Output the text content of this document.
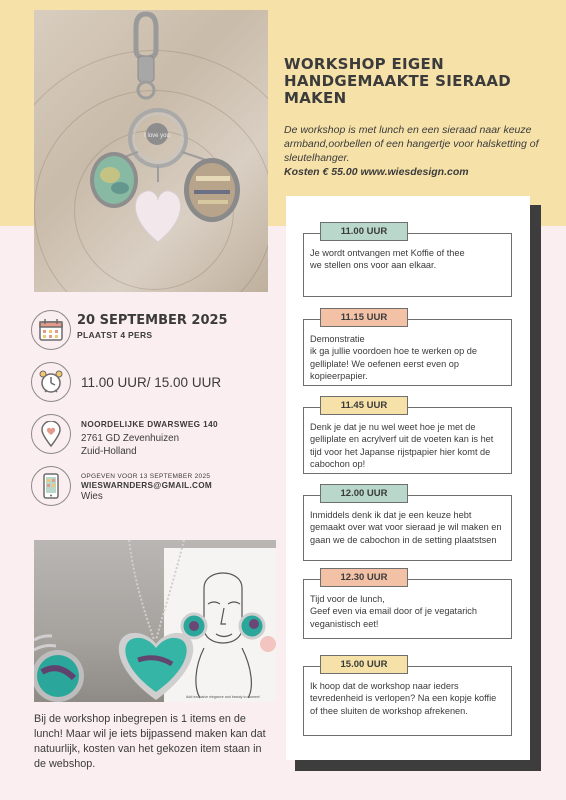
I love you
WORKSHOP EIGEN HANDGEMAAKTE SIERAAD MAKEN
De workshop is met lunch en een sieraad naar keuze armband,oorbellen of een hangertje voor halsketting of sleutelhanger.
Kosten € 55.00 www.wiesdesign.com
11.00 UUR
Je wordt ontvangen met Koffie of thee
we stellen ons voor aan elkaar.
11.15 UUR
Demonstratie
ik ga jullie voordoen hoe te werken op de gelliplate! We oefenen eerst even op kopieerpapier.
11.45 UUR
Denk je dat je nu wel weet hoe je met de gelliplate en acrylverf uit de voeten kan is het tijd voor het Japanse rijstpapier hier komt de cabochon op!
12.00 UUR
Inmiddels denk ik dat je een keuze hebt gemaakt over wat voor sieraad je wil maken en gaan we de cabochon in de setting plaatstsen
12.30 UUR
Tijd voor de lunch,
Geef even via email door of je vegatarich veganistisch eet!
15.00 UUR
Ik hoop dat de workshop naar ieders tevredenheid is verlopen? Na een kopje koffie of thee sluiten de workshop afrekenen.
20 SEPTEMBER 2025
PLAATST 4 PERS
11.00 UUR/ 15.00 UUR
NOORDELIJKE DWARSWEG 140
2761 GD Zevenhuizen
Zuid-Holland
OPGEVEN VOOR 13 SEPTEMBER 2025
WIESWARNDERS@GMAIL.COM
Wies
Add exclusive elegance and beauty to women!
Bij de workshop inbegrepen is 1 items en de lunch! Maar wil je iets bijpassend maken kan dat natuurlijk, kosten van het gekozen item staan in de webshop.
